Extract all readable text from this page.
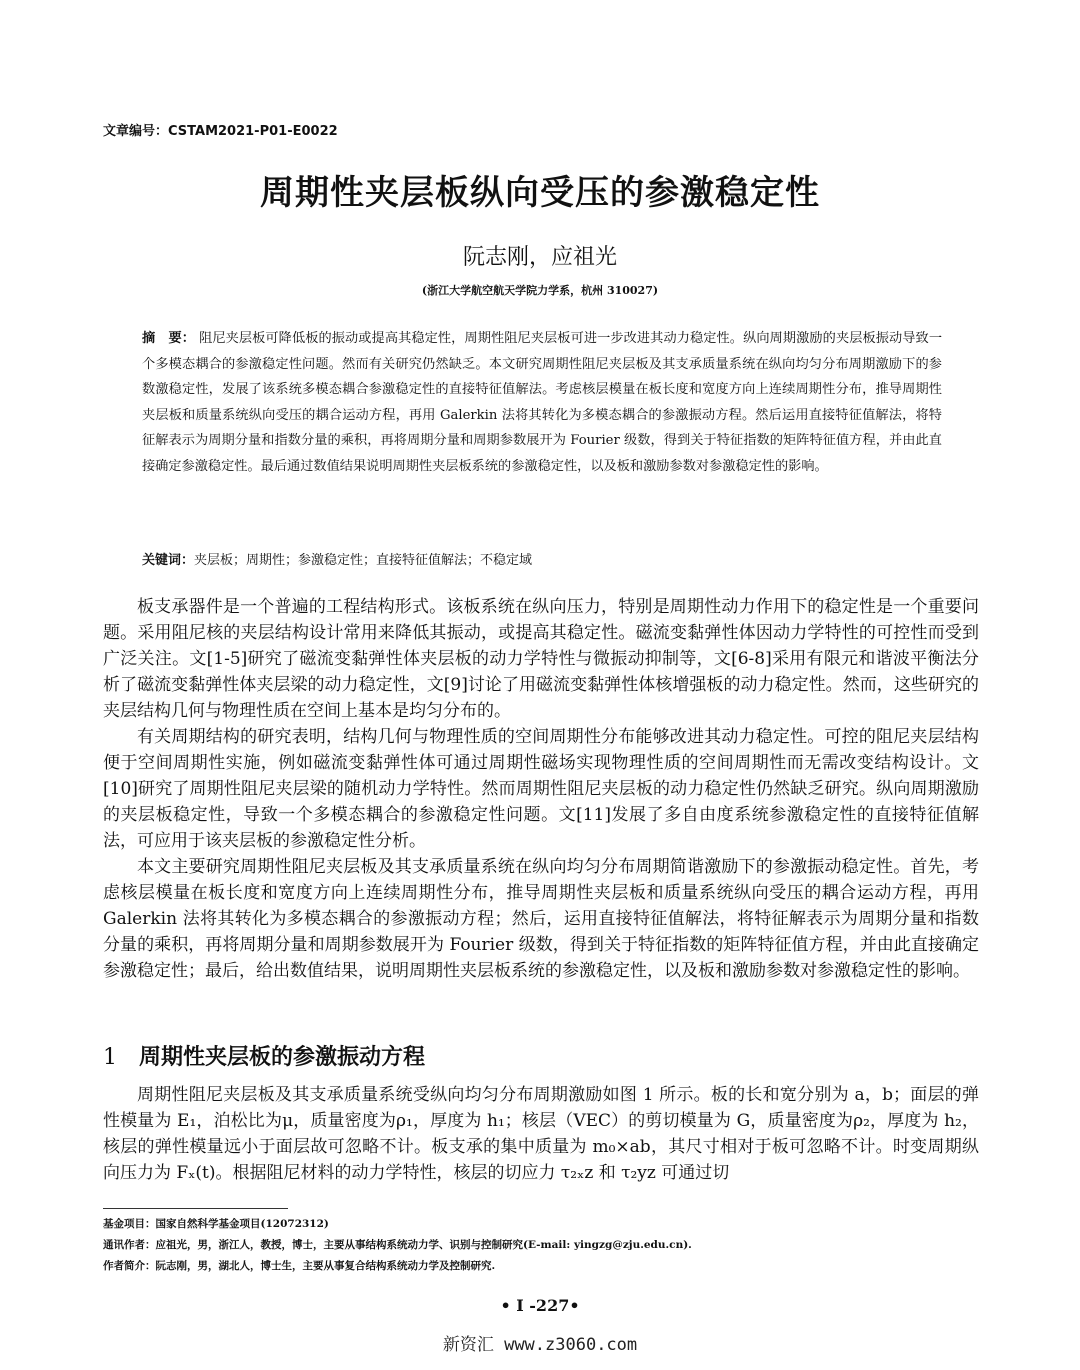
文章编号：CSTAM2021-P01-E0022
周期性夹层板纵向受压的参激稳定性
阮志刚，应祖光
(浙江大学航空航天学院力学系，杭州 310027)
摘　要： 阻尼夹层板可降低板的振动或提高其稳定性，周期性阻尼夹层板可进一步改进其动力稳定性。纵向周期激励的夹层板振动导致一个多模态耦合的参激稳定性问题。然而有关研究仍然缺乏。本文研究周期性阻尼夹层板及其支承质量系统在纵向均匀分布周期激励下的参数激稳定性，发展了该系统多模态耦合参激稳定性的直接特征值解法。考虑核层模量在板长度和宽度方向上连续周期性分布，推导周期性夹层板和质量系统纵向受压的耦合运动方程，再用 Galerkin 法将其转化为多模态耦合的参激振动方程。然后运用直接特征值解法，将特征解表示为周期分量和指数分量的乘积，再将周期分量和周期参数展开为 Fourier 级数，得到关于特征指数的矩阵特征值方程，并由此直接确定参激稳定性。最后通过数值结果说明周期性夹层板系统的参激稳定性，以及板和激励参数对参激稳定性的影响。
关键词：夹层板；周期性；参激稳定性；直接特征值解法；不稳定域

板支承器件是一个普遍的工程结构形式。该板系统在纵向压力，特别是周期性动力作用下的稳定性是一个重要问题。采用阻尼核的夹层结构设计常用来降低其振动，或提高其稳定性。磁流变黏弹性体因动力学特性的可控性而受到广泛关注。文[1-5]研究了磁流变黏弹性体夹层板的动力学特性与微振动抑制等，文[6-8]采用有限元和谐波平衡法分析了磁流变黏弹性体夹层梁的动力稳定性，文[9]讨论了用磁流变黏弹性体核增强板的动力稳定性。然而，这些研究的夹层结构几何与物理性质在空间上基本是均匀分布的。

有关周期结构的研究表明，结构几何与物理性质的空间周期性分布能够改进其动力稳定性。可控的阻尼夹层结构便于空间周期性实施，例如磁流变黏弹性体可通过周期性磁场实现物理性质的空间周期性而无需改变结构设计。文[10]研究了周期性阻尼夹层梁的随机动力学特性。然而周期性阻尼夹层板的动力稳定性仍然缺乏研究。纵向周期激励的夹层板稳定性，导致一个多模态耦合的参激稳定性问题。文[11]发展了多自由度系统参激稳定性的直接特征值解法，可应用于该夹层板的参激稳定性分析。

本文主要研究周期性阻尼夹层板及其支承质量系统在纵向均匀分布周期简谐激励下的参激振动稳定性。首先，考虑核层模量在板长度和宽度方向上连续周期性分布，推导周期性夹层板和质量系统纵向受压的耦合运动方程，再用 Galerkin 法将其转化为多模态耦合的参激振动方程；然后，运用直接特征值解法，将特征解表示为周期分量和指数分量的乘积，再将周期分量和周期参数展开为 Fourier 级数，得到关于特征指数的矩阵特征值方程，并由此直接确定参激稳定性；最后，给出数值结果，说明周期性夹层板系统的参激稳定性，以及板和激励参数对参激稳定性的影响。

1 周期性夹层板的参激振动方程

周期性阻尼夹层板及其支承质量系统受纵向均匀分布周期激励如图 1 所示。板的长和宽分别为 a，b；面层的弹性模量为 E₁，泊松比为μ，质量密度为ρ₁，厚度为 h₁；核层（VEC）的剪切模量为 G，质量密度为ρ₂，厚度为 h₂，核层的弹性模量远小于面层故可忽略不计。板支承的集中质量为 m₀×ab，其尺寸相对于板可忽略不计。时变周期纵向压力为 Fₓ(t)。根据阻尼材料的动力学特性，核层的切应力 τ₂ₓz 和 τ₂yz 可通过切

基金项目：国家自然科学基金项目(12072312)
通讯作者：应祖光，男，浙江人，教授，博士，主要从事结构系统动力学、识别与控制研究(E-mail: yingzg@zju.edu.cn).
作者简介：阮志刚，男，湖北人，博士生，主要从事复合结构系统动力学及控制研究.
• Ⅰ -227•
新资汇 www.z3060.com
